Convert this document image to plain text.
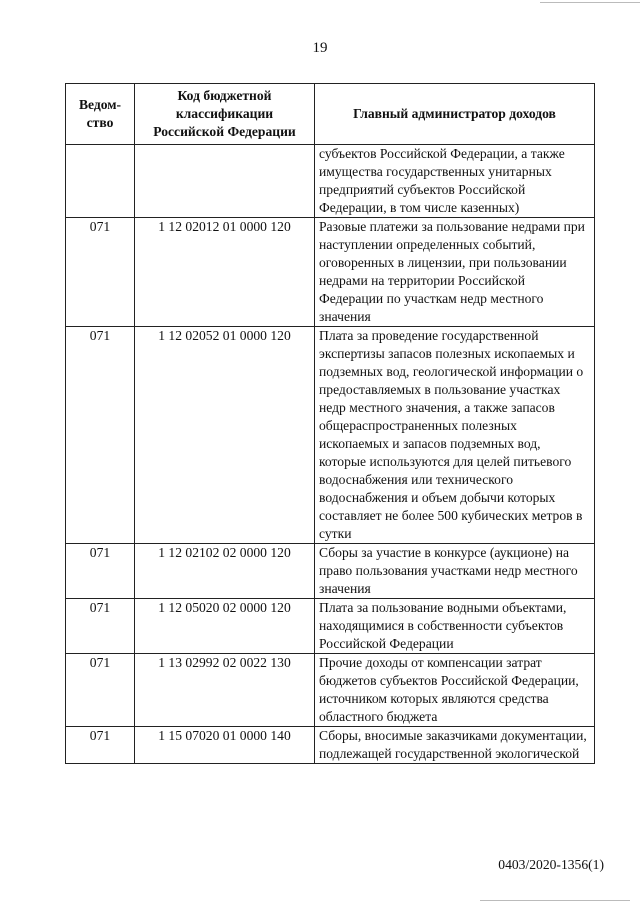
19
Ведом-
ство	Код бюджетной классификации Российской Федерации	Главный администратор доходов
		субъектов Российской Федерации, а также имущества государственных унитарных предприятий субъектов Российской Федерации, в том числе казенных)
071	1 12 02012 01 0000 120	Разовые платежи за пользование недрами при наступлении определенных событий, оговоренных в лицензии, при пользовании недрами на территории Российской Федерации по участкам недр местного значения
071	1 12 02052 01 0000 120	Плата за проведение государственной экспертизы запасов полезных ископаемых и подземных вод, геологической информации о предоставляемых в пользование участках недр местного значения, а также запасов общераспространенных полезных ископаемых и запасов подземных вод, которые используются для целей питьевого водоснабжения или технического водоснабжения и объем добычи которых составляет не более 500 кубических метров в сутки
071	1 12 02102 02 0000 120	Сборы за участие в конкурсе (аукционе) на право пользования участками недр местного значения
071	1 12 05020 02 0000 120	Плата за пользование водными объектами, находящимися в собственности субъектов Российской Федерации
071	1 13 02992 02 0022 130	Прочие доходы от компенсации затрат бюджетов субъектов Российской Федерации, источником которых являются средства областного бюджета
071	1 15 07020 01 0000 140	Сборы, вносимые заказчиками документации, подлежащей государственной экологической
0403/2020-1356(1)
